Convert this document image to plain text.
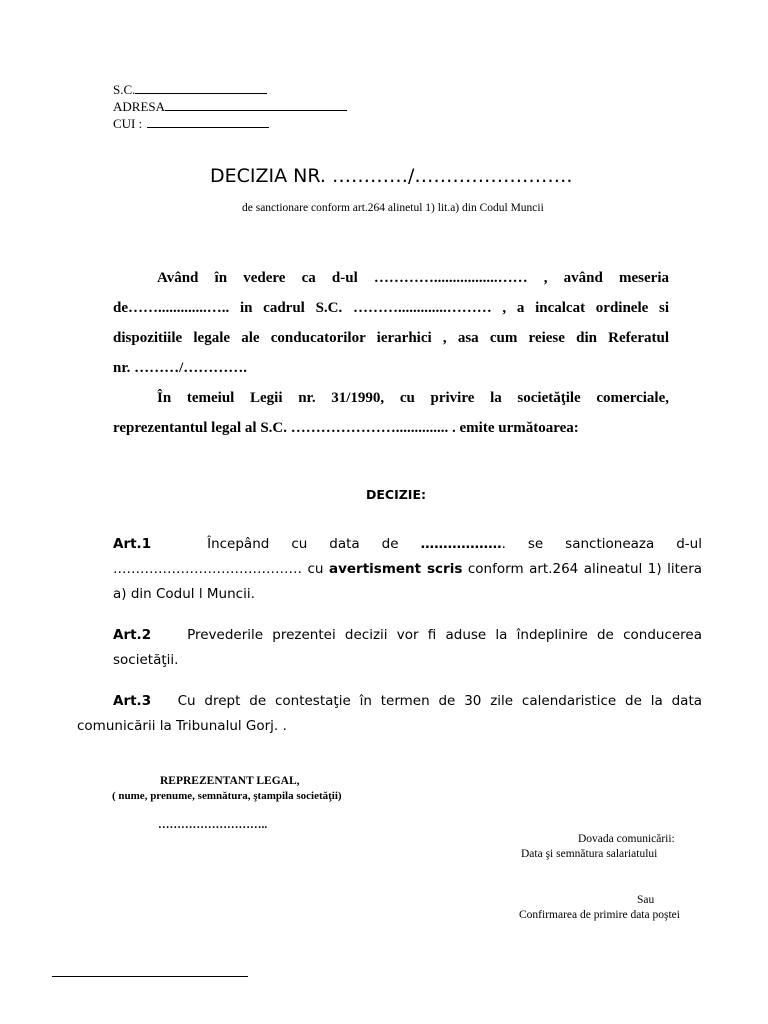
S.C.
ADRESA
CUI :
DECIZIA NR. …………/…………………….
de sanctionare conform art.264 alinetul 1) lit.a) din Codul Muncii

Având în vedere ca d-ul ………….................…… , având meseria

de…….............….. in cadrul S.C. ……….............……… , a incalcat ordinele si

dispozitiile legale ale conducatorilor ierarhici , asa cum reiese din Referatul

nr. ………/………….

În temeiul Legii nr. 31/1990, cu privire la societăţile comerciale,

reprezentantul legal al S.C. ………………….............. . emite următoarea:

DECIZIE:

Art.1	Începând cu data de ………………. se sanctioneaza d-ul …………………………………… cu avertisment scris conform art.264 alineatul 1) litera a) din Codul l Muncii.

Art.2	Prevederile prezentei decizii vor fi aduse la îndeplinire de conducerea societăţii.

Art.3 Cu drept de contestaţie în termen de 30 zile calendaristice de la data comunicării la Tribunalul Gorj. .

REPREZENTANT LEGAL,
( nume, prenume, semnătura, ştampila societăţii)
………………………..
Dovada comunicării:
Data şi semnătura salariatului
Sau
Confirmarea de primire data poştei
